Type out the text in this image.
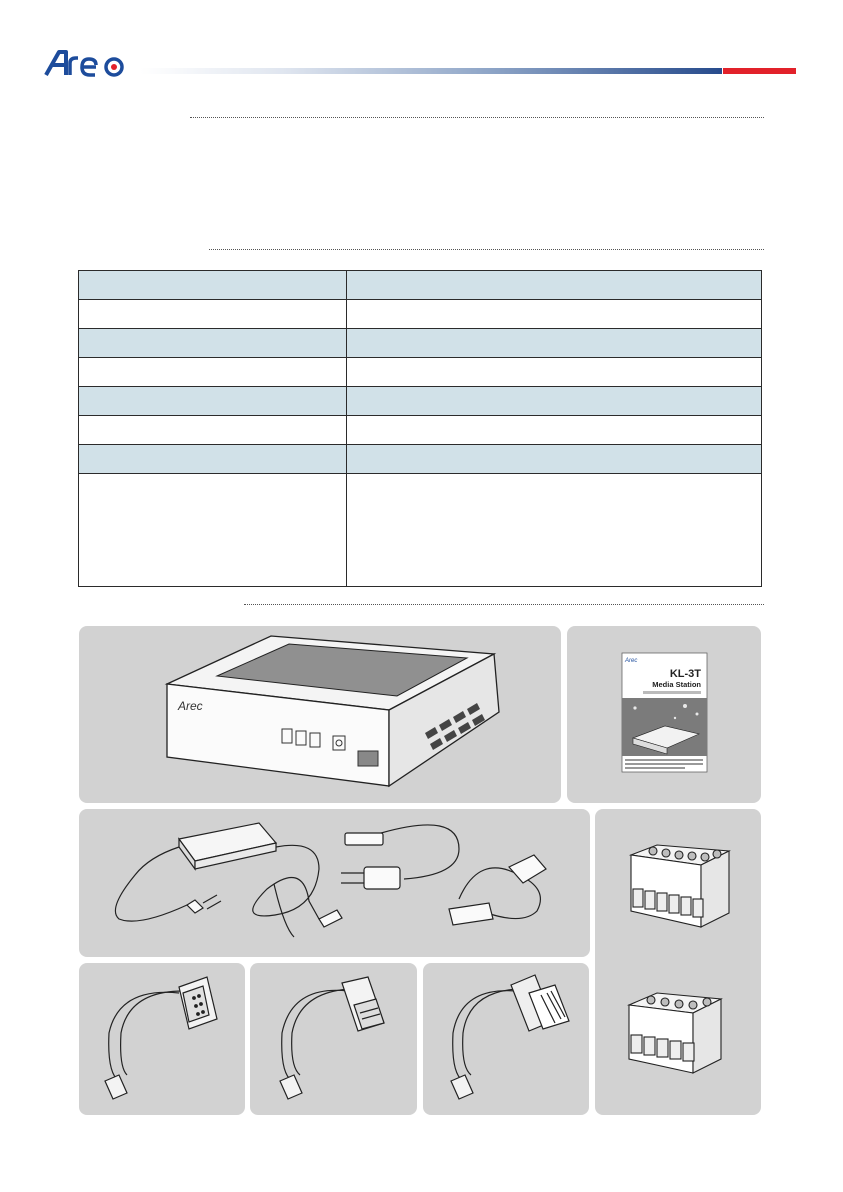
Arec

Arec
Arec
KL-3T
Media Station
